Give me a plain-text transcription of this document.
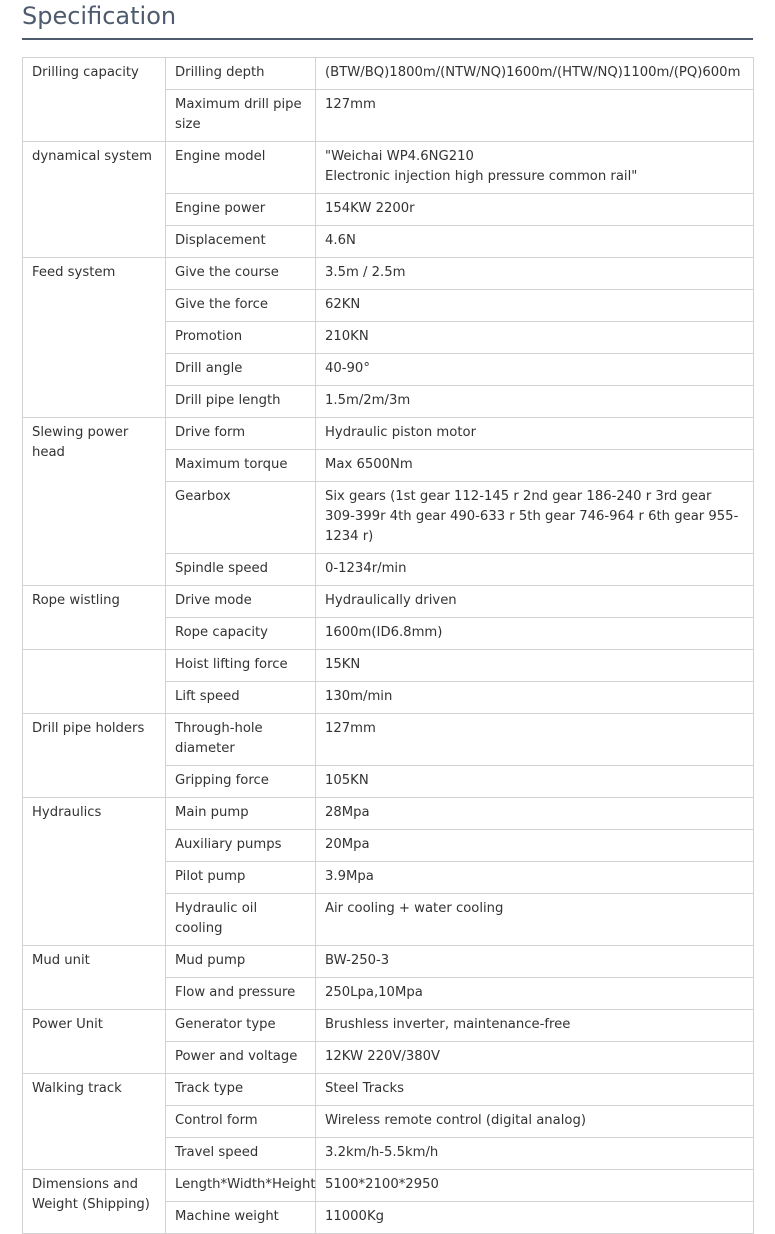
Specification
Drilling capacity	Drilling depth	(BTW/BQ)1800m/(NTW/NQ)1600m/(HTW/NQ)1100m/(PQ)600m
	Maximum drill pipe size	127mm
dynamical system	Engine model	"Weichai WP4.6NG210
Electronic injection high pressure common rail"
	Engine power	154KW 2200r
	Displacement	4.6N
Feed system	Give the course	3.5m / 2.5m
	Give the force	62KN
	Promotion	210KN
	Drill angle	40-90°
	Drill pipe length	1.5m/2m/3m
Slewing power head	Drive form	Hydraulic piston motor
	Maximum torque	Max 6500Nm
	Gearbox	Six gears (1st gear 112-145 r 2nd gear 186-240 r 3rd gear 309-399r 4th gear 490-633 r 5th gear 746-964 r 6th gear 955-1234 r)
	Spindle speed	0-1234r/min
Rope wistling	Drive mode	Hydraulically driven
	Rope capacity	1600m(ID6.8mm)
	Hoist lifting force	15KN
	Lift speed	130m/min
Drill pipe holders	Through-hole diameter	127mm
	Gripping force	105KN
Hydraulics	Main pump	28Mpa
	Auxiliary pumps	20Mpa
	Pilot pump	3.9Mpa
	Hydraulic oil cooling	Air cooling + water cooling
Mud unit	Mud pump	BW-250-3
	Flow and pressure	250Lpa,10Mpa
Power Unit	Generator type	Brushless inverter, maintenance-free
	Power and voltage	12KW 220V/380V
Walking track	Track type	Steel Tracks
	Control form	Wireless remote control (digital analog)
	Travel speed	3.2km/h-5.5km/h
Dimensions and Weight (Shipping)	Length*Width*Height	5100*2100*2950
	Machine weight	11000Kg
